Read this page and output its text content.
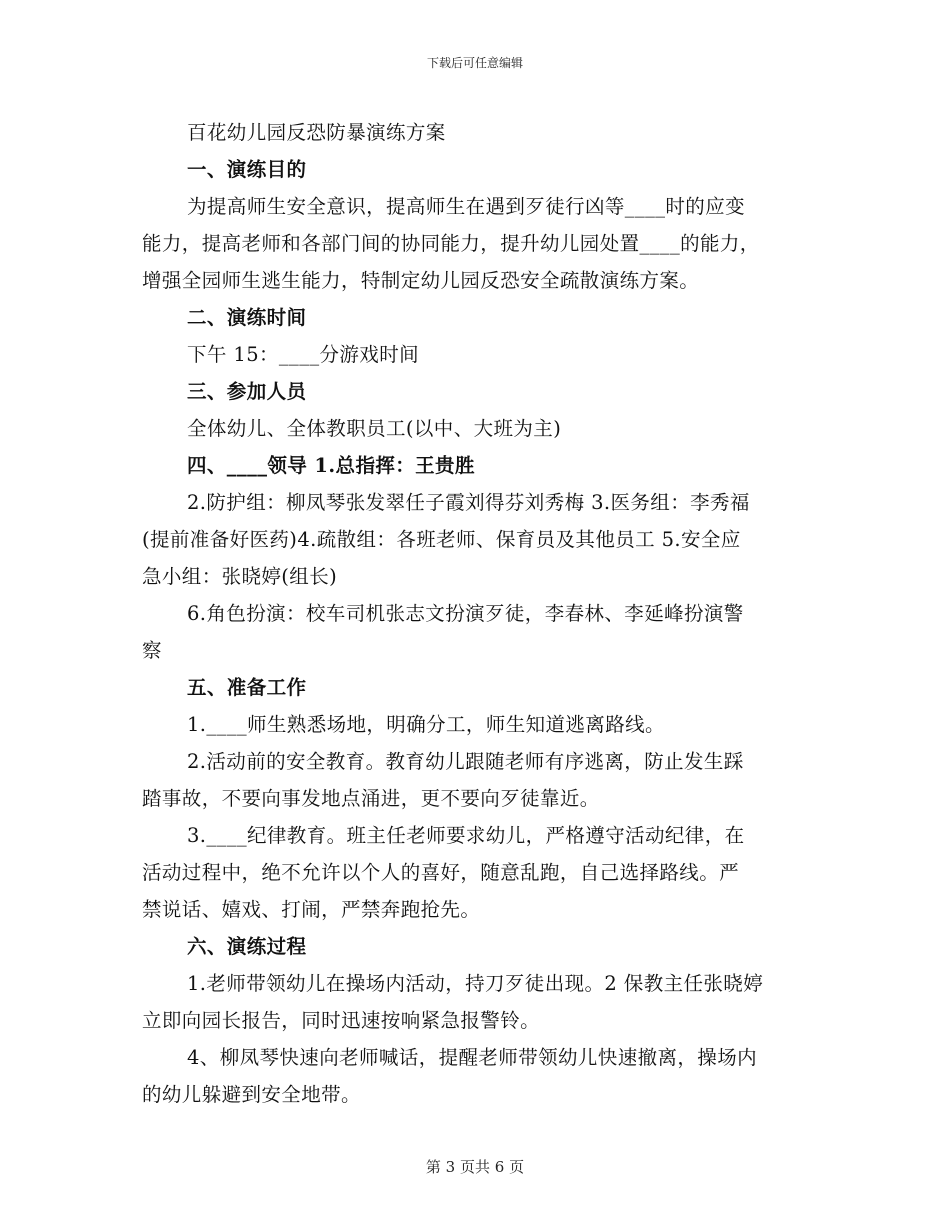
下载后可任意编辑

百花幼儿园反恐防暴演练方案

一、演练目的

为提高师生安全意识，提高师生在遇到歹徒行凶等____时的应变
能力，提高老师和各部门间的协同能力，提升幼儿园处置____的能力，
增强全园师生逃生能力，特制定幼儿园反恐安全疏散演练方案。

二、演练时间

下午 15：____分游戏时间

三、参加人员

全体幼儿、全体教职员工(以中、大班为主)

四、____领导 1.总指挥：王贵胜

2.防护组：柳凤琴张发翠任子霞刘得芬刘秀梅 3.医务组：李秀福
(提前准备好医药)4.疏散组：各班老师、保育员及其他员工 5.安全应
急小组：张晓婷(组长)
6.角色扮演：校车司机张志文扮演歹徒，李春林、李延峰扮演警
察

五、准备工作

1.____师生熟悉场地，明确分工，师生知道逃离路线。

2.活动前的安全教育。教育幼儿跟随老师有序逃离，防止发生踩
踏事故，不要向事发地点涌进，更不要向歹徒靠近。
3.____纪律教育。班主任老师要求幼儿，严格遵守活动纪律，在
活动过程中，绝不允许以个人的喜好，随意乱跑，自己选择路线。严
禁说话、嬉戏、打闹，严禁奔跑抢先。

六、演练过程

1.老师带领幼儿在操场内活动，持刀歹徒出现。2 保教主任张晓婷
立即向园长报告，同时迅速按响紧急报警铃。
4、柳凤琴快速向老师喊话，提醒老师带领幼儿快速撤离，操场内
的幼儿躲避到安全地带。
第 3 页共 6 页
